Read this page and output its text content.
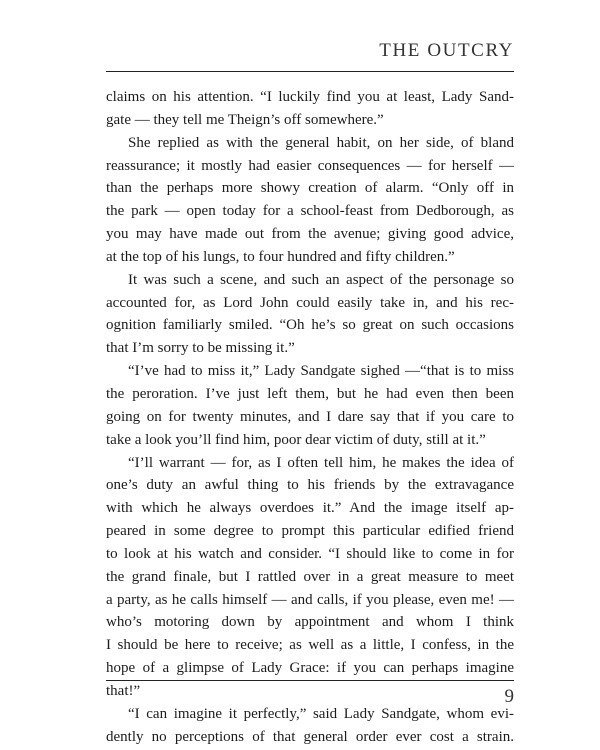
THE OUTCRY
claims on his attention. “I luckily find you at least, Lady Sand-
gate — they tell me Theign’s off somewhere.”
She replied as with the general habit, on her side, of bland
reassurance; it mostly had easier consequences — for herself —
than the perhaps more showy creation of alarm. “Only off in
the park — open today for a school-feast from Dedborough, as
you may have made out from the avenue; giving good advice,
at the top of his lungs, to four hundred and fifty children.”
It was such a scene, and such an aspect of the personage so
accounted for, as Lord John could easily take in, and his rec-
ognition familiarly smiled. “Oh he’s so great on such occasions
that I’m sorry to be missing it.”
“I’ve had to miss it,” Lady Sandgate sighed —“that is to miss
the peroration. I’ve just left them, but he had even then been
going on for twenty minutes, and I dare say that if you care to
take a look you’ll find him, poor dear victim of duty, still at it.”
“I’ll warrant — for, as I often tell him, he makes the idea of
one’s duty an awful thing to his friends by the extravagance
with which he always overdoes it.” And the image itself ap-
peared in some degree to prompt this particular edified friend
to look at his watch and consider. “I should like to come in for
the grand finale, but I rattled over in a great measure to meet
a party, as he calls himself — and calls, if you please, even me! —
who’s motoring down by appointment and whom I think
I should be here to receive; as well as a little, I confess, in the
hope of a glimpse of Lady Grace: if you can perhaps imagine
that!”
“I can imagine it perfectly,” said Lady Sandgate, whom evi-
dently no perceptions of that general order ever cost a strain.
9
